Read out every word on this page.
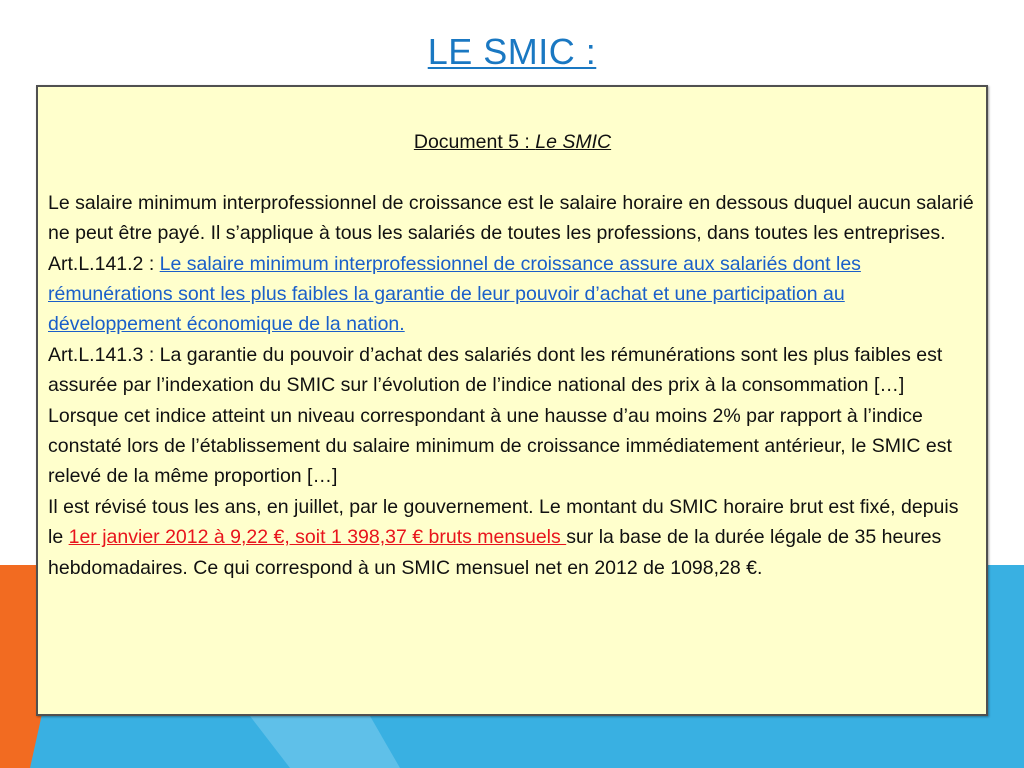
LE SMIC :

Document 5 : Le SMIC

Le salaire minimum interprofessionnel de croissance est le salaire horaire en dessous duquel aucun salarié ne peut être payé. Il s’applique à tous les salariés de toutes les professions, dans toutes les entreprises.

Art.L.141.2 : Le salaire minimum interprofessionnel de croissance assure aux salariés dont les rémunérations sont les plus faibles la garantie de leur pouvoir d’achat et une participation au développement économique de la nation.

Art.L.141.3 : La garantie du pouvoir d’achat des salariés dont les rémunérations sont les plus faibles est assurée par l’indexation du SMIC sur l’évolution de l’indice national des prix à la consommation […]

Lorsque cet indice atteint un niveau correspondant à une hausse d’au moins 2% par rapport à l’indice constaté lors de l’établissement du salaire minimum de croissance immédiatement antérieur, le SMIC est relevé de la même proportion […]

Il est révisé tous les ans, en juillet, par le gouvernement. Le montant du SMIC horaire brut est fixé, depuis le 1er janvier 2012 à 9,22 €, soit 1 398,37 € bruts mensuels sur la base de la durée légale de 35 heures hebdomadaires. Ce qui correspond à un SMIC mensuel net en 2012 de 1098,28 €.
